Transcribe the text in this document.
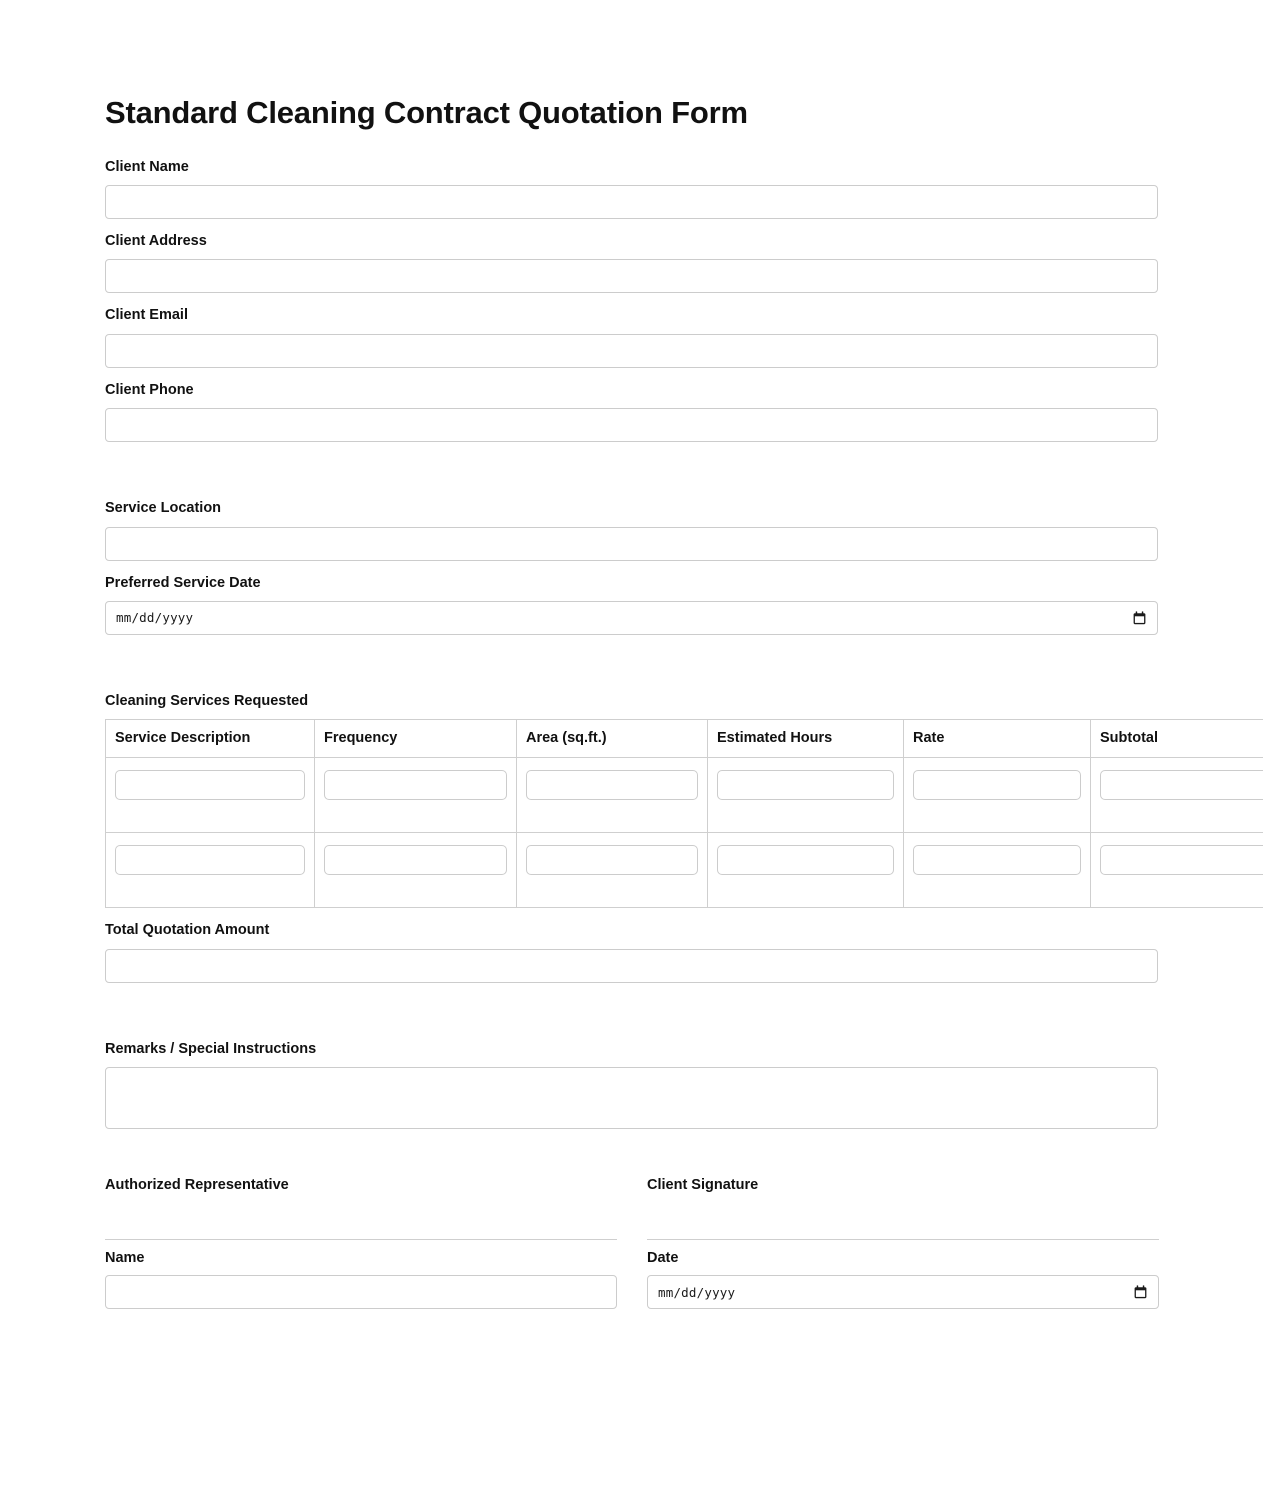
Standard Cleaning Contract Quotation Form
Client Name
Client Address
Client Email
Client Phone
Service Location
Preferred Service Date
mm/dd/yyyy
Cleaning Services Requested
Service Description	Frequency	Area (sq.ft.)	Estimated Hours	Rate	Subtotal

Total Quotation Amount
Remarks / Special Instructions
Authorized Representative
Name
Client Signature
Date
mm/dd/yyyy
